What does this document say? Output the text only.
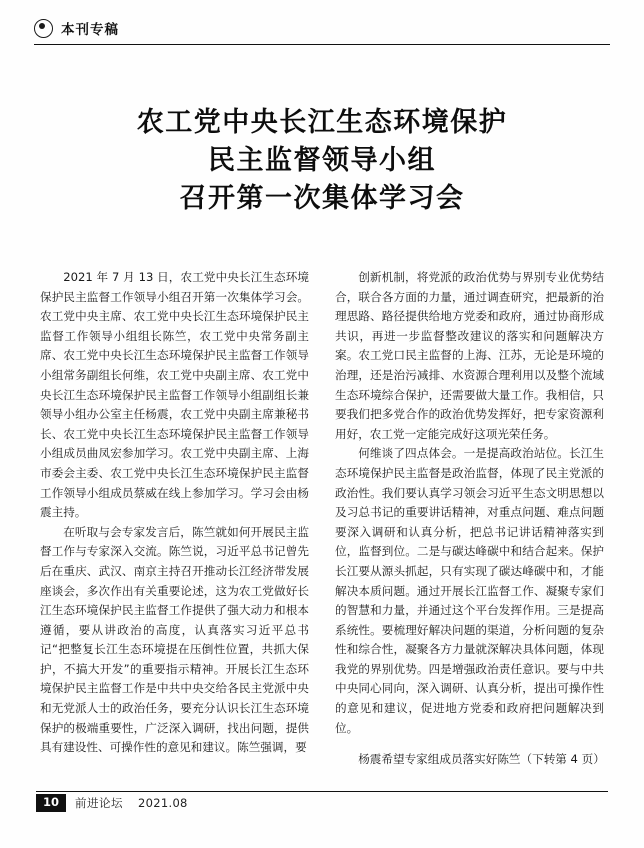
本刊专稿
农工党中央长江生态环境保护
民主监督领导小组
召开第一次集体学习会

2021 年 7 月 13 日，农工党中央长江生态环境保护民主监督工作领导小组召开第一次集体学习会。农工党中央主席、农工党中央长江生态环境保护民主监督工作领导小组组长陈竺，农工党中央常务副主席、农工党中央长江生态环境保护民主监督工作领导小组常务副组长何维，农工党中央副主席、农工党中央长江生态环境保护民主监督工作领导小组副组长兼领导小组办公室主任杨震，农工党中央副主席兼秘书长、农工党中央长江生态环境保护民主监督工作领导小组成员曲凤宏参加学习。农工党中央副主席、上海市委会主委、农工党中央长江生态环境保护民主监督工作领导小组成员蔡威在线上参加学习。学习会由杨震主持。

在听取与会专家发言后，陈竺就如何开展民主监督工作与专家深入交流。陈竺说，习近平总书记曾先后在重庆、武汉、南京主持召开推动长江经济带发展座谈会，多次作出有关重要论述，这为农工党做好长江生态环境保护民主监督工作提供了强大动力和根本遵循，要从讲政治的高度，认真落实习近平总书记“把整复长江生态环境提在压倒性位置，共抓大保护，不搞大开发”的重要指示精神。开展长江生态环境保护民主监督工作是中共中央交给各民主党派中央和无党派人士的政治任务，要充分认识长江生态环境保护的极端重要性，广泛深入调研，找出问题，提供具有建设性、可操作性的意见和建议。陈竺强调，要

创新机制，将党派的政治优势与界别专业优势结合，联合各方面的力量，通过调查研究，把最新的治理思路、路径提供给地方党委和政府，通过协商形成共识，再进一步监督整改建议的落实和问题解决方案。农工党口民主监督的上海、江苏，无论是环境的治理，还是治污减排、水资源合理利用以及整个流域生态环境综合保护，还需要做大量工作。我相信，只要我们把多党合作的政治优势发挥好，把专家资源利用好，农工党一定能完成好这项光荣任务。

何维谈了四点体会。一是提高政治站位。长江生态环境保护民主监督是政治监督，体现了民主党派的政治性。我们要认真学习领会习近平生态文明思想以及习总书记的重要讲话精神，对重点问题、难点问题要深入调研和认真分析，把总书记讲话精神落实到位，监督到位。二是与碳达峰碳中和结合起来。保护长江要从源头抓起，只有实现了碳达峰碳中和，才能解决本质问题。通过开展长江监督工作、凝聚专家们的智慧和力量，并通过这个平台发挥作用。三是提高系统性。要梳理好解决问题的渠道，分析问题的复杂性和综合性，凝聚各方力量就深解决具体问题，体现我党的界别优势。四是增强政治责任意识。要与中共中央同心同向，深入调研、认真分析，提出可操作性的意见和建议，促进地方党委和政府把问题解决到位。

杨震希望专家组成员落实好陈竺（下转第 4 页）

10	前进论坛 2021.08
